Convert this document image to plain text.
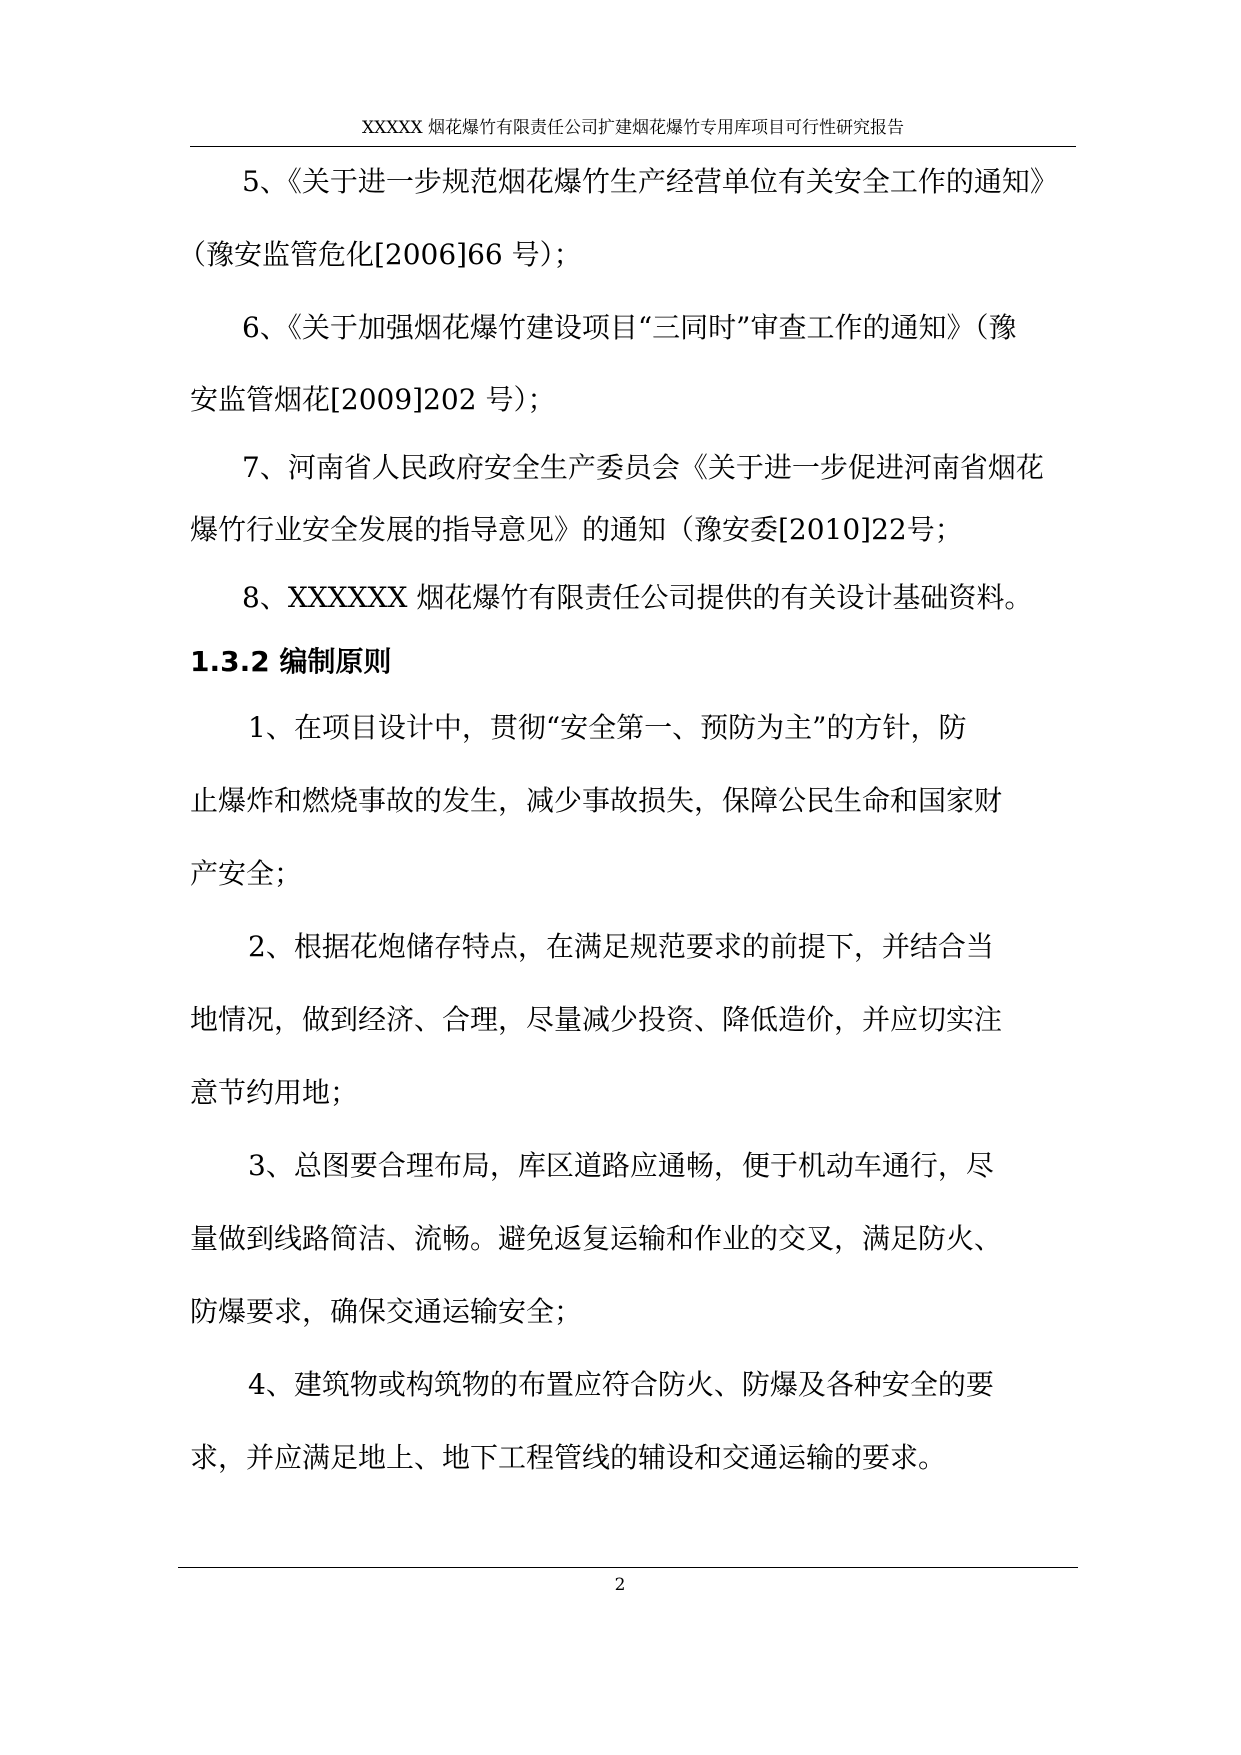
XXXXX 烟花爆竹有限责任公司扩建烟花爆竹专用库项目可行性研究报告
5、《关于进一步规范烟花爆竹生产经营单位有关安全工作的通知》
（豫安监管危化[2006]66 号）；
6、《关于加强烟花爆竹建设项目“三同时”审查工作的通知》（豫
安监管烟花[2009]202 号）；
7、河南省人民政府安全生产委员会《关于进一步促进河南省烟花
爆竹行业安全发展的指导意见》的通知（豫安委[2010]22号；
8、XXXXXX 烟花爆竹有限责任公司提供的有关设计基础资料。
1.3.2 编制原则
1、在项目设计中，贯彻“安全第一、预防为主”的方针，防
止爆炸和燃烧事故的发生，减少事故损失，保障公民生命和国家财
产安全；
2、根据花炮储存特点，在满足规范要求的前提下，并结合当
地情况，做到经济、合理，尽量减少投资、降低造价，并应切实注
意节约用地；
3、总图要合理布局，库区道路应通畅，便于机动车通行，尽
量做到线路简洁、流畅。避免返复运输和作业的交叉，满足防火、
防爆要求，确保交通运输安全；
4、建筑物或构筑物的布置应符合防火、防爆及各种安全的要
求，并应满足地上、地下工程管线的辅设和交通运输的要求。
2
